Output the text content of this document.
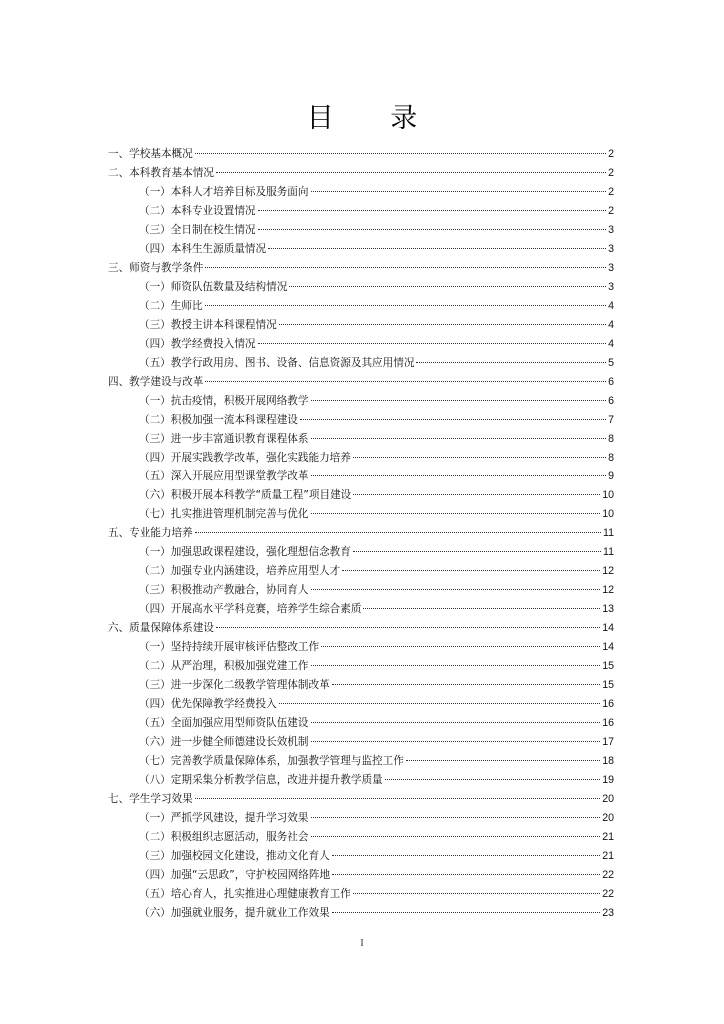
目 录
一、学校基本概况	2
二、本科教育基本情况	2
（一）本科人才培养目标及服务面向	2
（二）本科专业设置情况	2
（三）全日制在校生情况	3
（四）本科生生源质量情况	3
三、师资与教学条件	3
（一）师资队伍数量及结构情况	3
（二）生师比	4
（三）教授主讲本科课程情况	4
（四）教学经费投入情况	4
（五）教学行政用房、图书、设备、信息资源及其应用情况	5
四、教学建设与改革	6
（一）抗击疫情，积极开展网络教学	6
（二）积极加强一流本科课程建设	7
（三）进一步丰富通识教育课程体系	8
（四）开展实践教学改革，强化实践能力培养	8
（五）深入开展应用型课堂教学改革	9
（六）积极开展本科教学“质量工程”项目建设	10
（七）扎实推进管理机制完善与优化	10
五、专业能力培养	11
（一）加强思政课程建设，强化理想信念教育	11
（二）加强专业内涵建设，培养应用型人才	12
（三）积极推动产教融合，协同育人	12
（四）开展高水平学科竞赛，培养学生综合素质	13
六、质量保障体系建设	14
（一）坚持持续开展审核评估整改工作	14
（二）从严治理，积极加强党建工作	15
（三）进一步深化二级教学管理体制改革	15
（四）优先保障教学经费投入	16
（五）全面加强应用型师资队伍建设	16
（六）进一步健全师德建设长效机制	17
（七）完善教学质量保障体系，加强教学管理与监控工作	18
（八）定期采集分析教学信息，改进并提升教学质量	19
七、学生学习效果	20
（一）严抓学风建设，提升学习效果	20
（二）积极组织志愿活动，服务社会	21
（三）加强校园文化建设，推动文化育人	21
（四）加强“云思政”，守护校园网络阵地	22
（五）培心育人，扎实推进心理健康教育工作	22
（六）加强就业服务，提升就业工作效果	23
I
